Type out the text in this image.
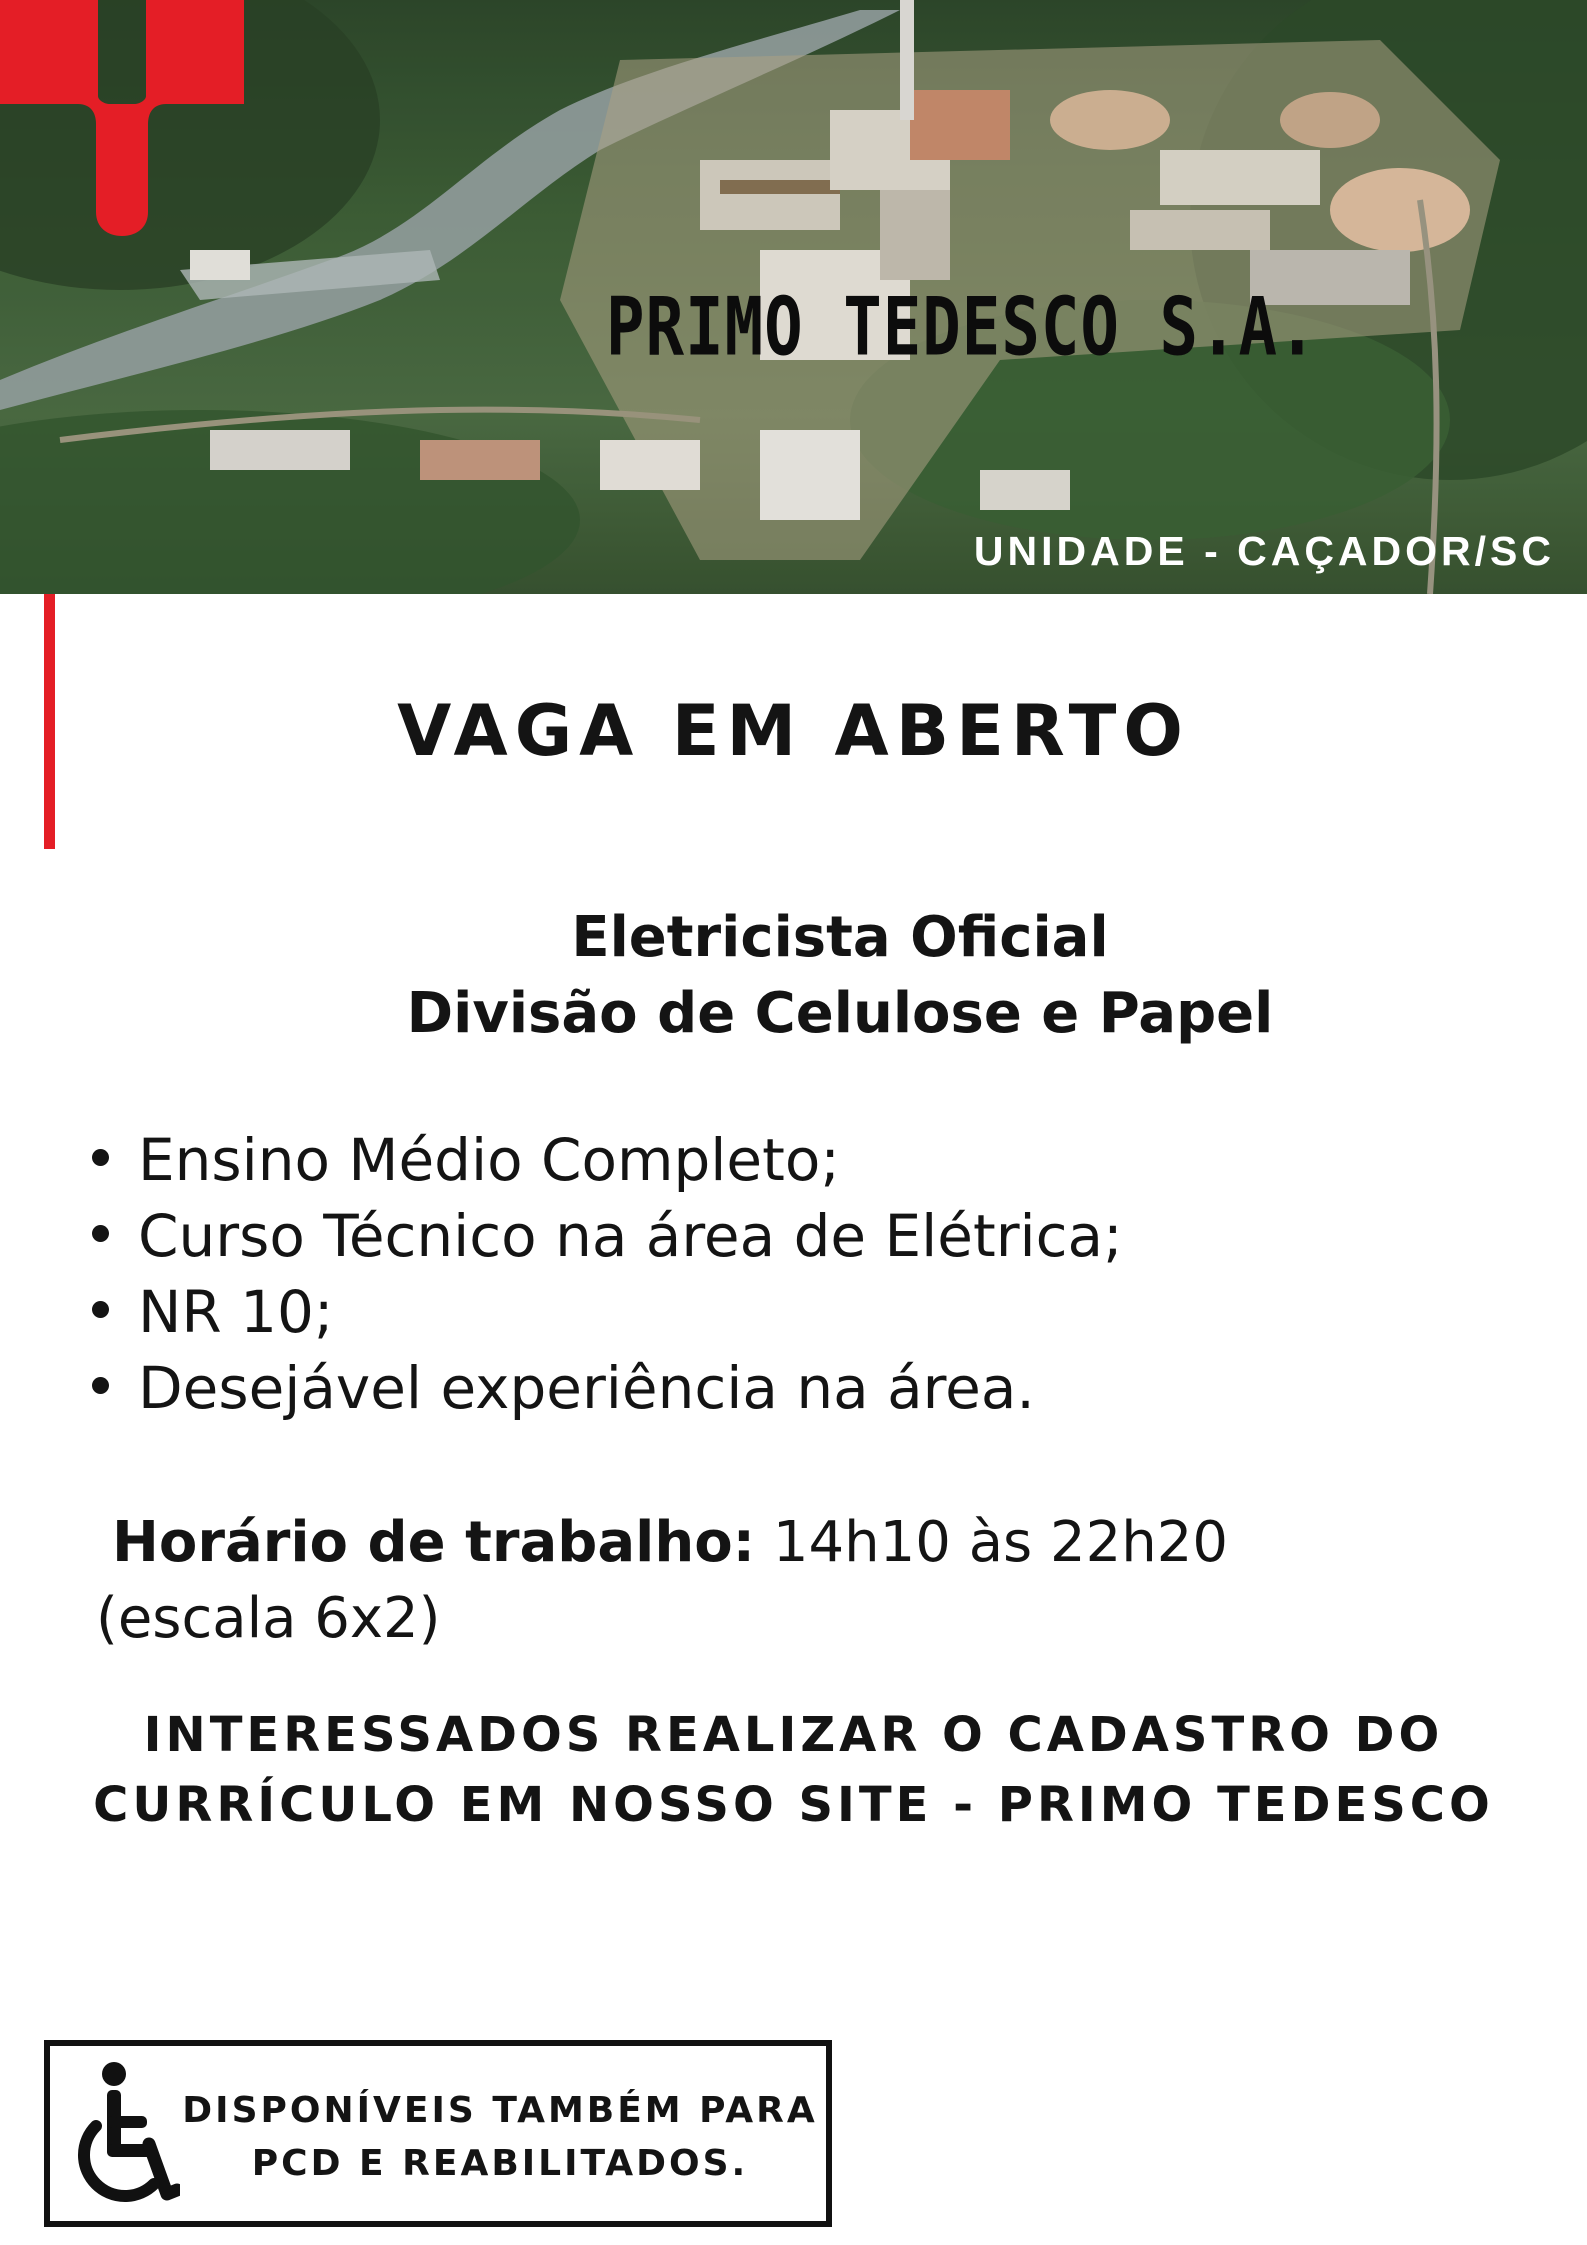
PRIMO TEDESCO S.A.
UNIDADE - CAÇADOR/SC
VAGA EM ABERTO
Eletricista Oficial
Divisão de Celulose e Papel
Ensino Médio Completo;
Curso Técnico na área de Elétrica;
NR 10;
Desejável experiência na área.
Horário de trabalho: 14h10 às 22h20
(escala 6x2)
INTERESSADOS REALIZAR O CADASTRO DO
CURRÍCULO EM NOSSO SITE - PRIMO TEDESCO
DISPONÍVEIS TAMBÉM PARA
PCD E REABILITADOS.
